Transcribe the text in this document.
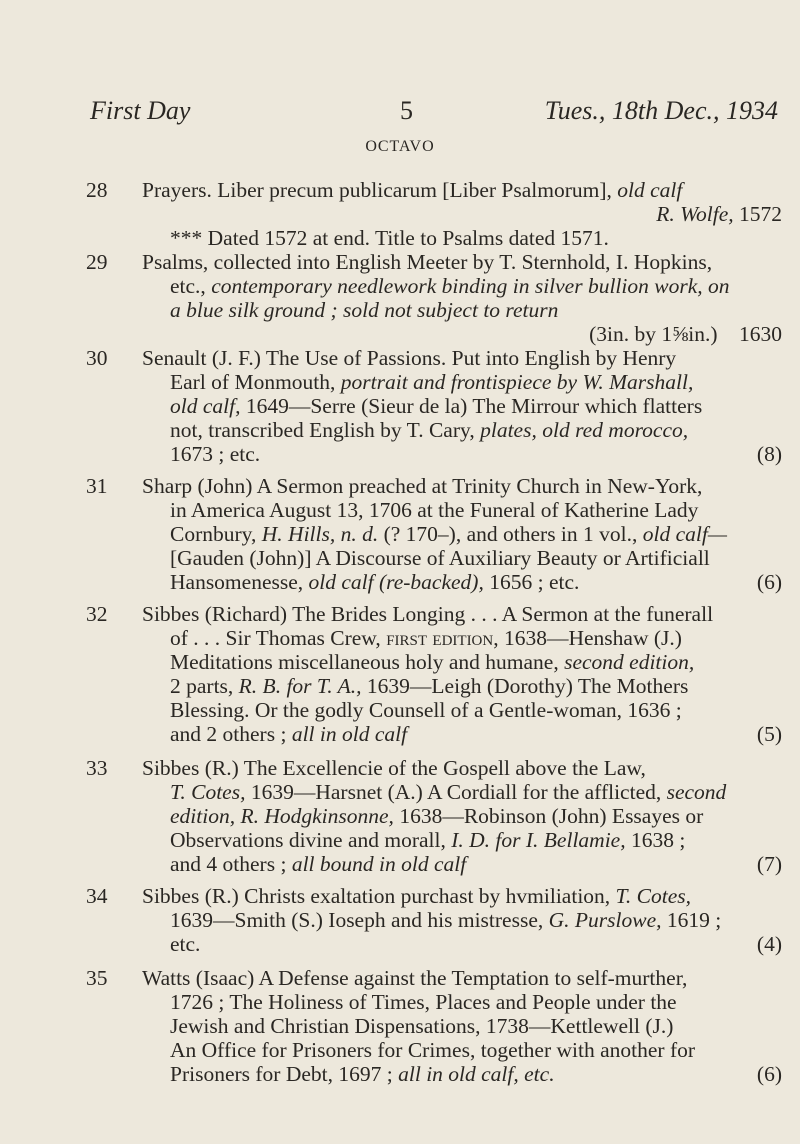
First Day	5	Tues., 18th Dec., 1934
OCTAVO
28	Prayers. Liber precum publicarum [Liber Psalmorum], old calf

R. Wolfe, 1572

*** Dated 1572 at end. Title to Psalms dated 1571.

29	Psalms, collected into English Meeter by T. Sternhold, I. Hopkins,

etc., contemporary needlework binding in silver bullion work, on

a blue silk ground ; sold not subject to return

(3in. by 1⅝in.) 1630

30	Senault (J. F.) The Use of Passions. Put into English by Henry

Earl of Monmouth, portrait and frontispiece by W. Marshall,

old calf, 1649—Serre (Sieur de la) The Mirrour which flatters

not, transcribed English by T. Cary, plates, old red morocco,

1673 ; etc.	(8)

31	Sharp (John) A Sermon preached at Trinity Church in New-York,

in America August 13, 1706 at the Funeral of Katherine Lady

Cornbury, H. Hills, n. d. (? 170–), and others in 1 vol., old calf—

[Gauden (John)] A Discourse of Auxiliary Beauty or Artificiall

Hansomenesse, old calf (re-backed), 1656 ; etc.	(6)

32	Sibbes (Richard) The Brides Longing . . . A Sermon at the funerall

of . . . Sir Thomas Crew, first edition, 1638—Henshaw (J.)

Meditations miscellaneous holy and humane, second edition,

2 parts, R. B. for T. A., 1639—Leigh (Dorothy) The Mothers

Blessing. Or the godly Counsell of a Gentle-woman, 1636 ;

and 2 others ; all in old calf	(5)

33	Sibbes (R.) The Excellencie of the Gospell above the Law,

T. Cotes, 1639—Harsnet (A.) A Cordiall for the afflicted, second

edition, R. Hodgkinsonne, 1638—Robinson (John) Essayes or

Observations divine and morall, I. D. for I. Bellamie, 1638 ;

and 4 others ; all bound in old calf	(7)

34	Sibbes (R.) Christs exaltation purchast by hvmiliation, T. Cotes,

1639—Smith (S.) Ioseph and his mistresse, G. Purslowe, 1619 ;

etc.	(4)

35	Watts (Isaac) A Defense against the Temptation to self-murther,

1726 ; The Holiness of Times, Places and People under the

Jewish and Christian Dispensations, 1738—Kettlewell (J.)

An Office for Prisoners for Crimes, together with another for

Prisoners for Debt, 1697 ; all in old calf, etc.	(6)
